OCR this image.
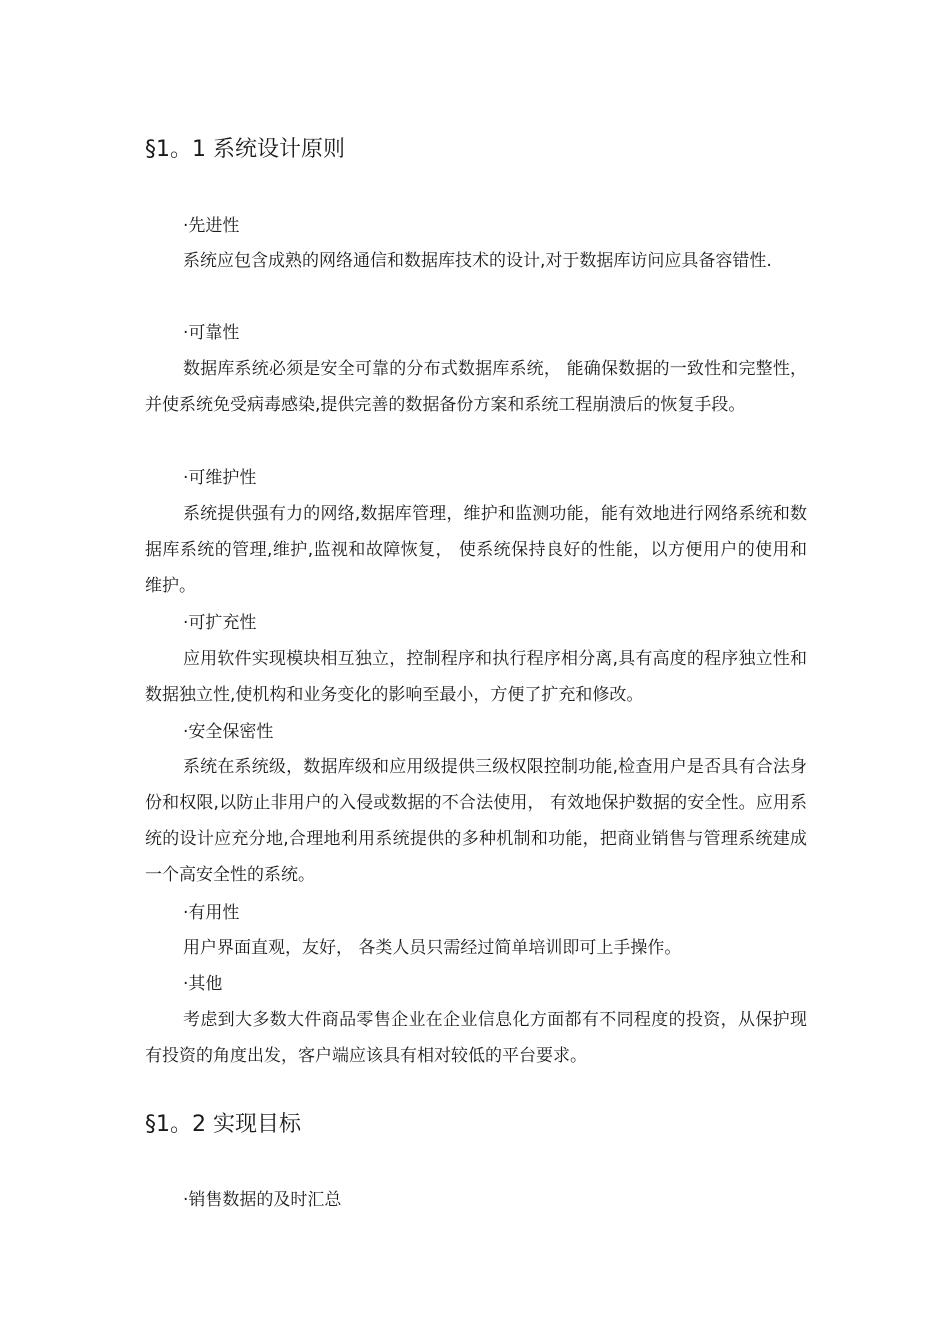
§1。1 系统设计原则
·先进性

系统应包含成熟的网络通信和数据库技术的设计,对于数据库访问应具备容错性.

·可靠性

数据库系统必须是安全可靠的分布式数据库系统， 能确保数据的一致性和完整性，并使系统免受病毒感染,提供完善的数据备份方案和系统工程崩溃后的恢复手段。

·可维护性

系统提供强有力的网络,数据库管理，维护和监测功能，能有效地进行网络系统和数据库系统的管理,维护,监视和故障恢复， 使系统保持良好的性能，以方便用户的使用和维护。

·可扩充性

应用软件实现模块相互独立，控制程序和执行程序相分离,具有高度的程序独立性和数据独立性,使机构和业务变化的影响至最小，方便了扩充和修改。

·安全保密性

系统在系统级，数据库级和应用级提供三级权限控制功能,检查用户是否具有合法身份和权限,以防止非用户的入侵或数据的不合法使用， 有效地保护数据的安全性。应用系统的设计应充分地,合理地利用系统提供的多种机制和功能，把商业销售与管理系统建成一个高安全性的系统。

·有用性

用户界面直观，友好， 各类人员只需经过简单培训即可上手操作。

·其他

考虑到大多数大件商品零售企业在企业信息化方面都有不同程度的投资，从保护现有投资的角度出发，客户端应该具有相对较低的平台要求。

§1。2 实现目标
·销售数据的及时汇总
